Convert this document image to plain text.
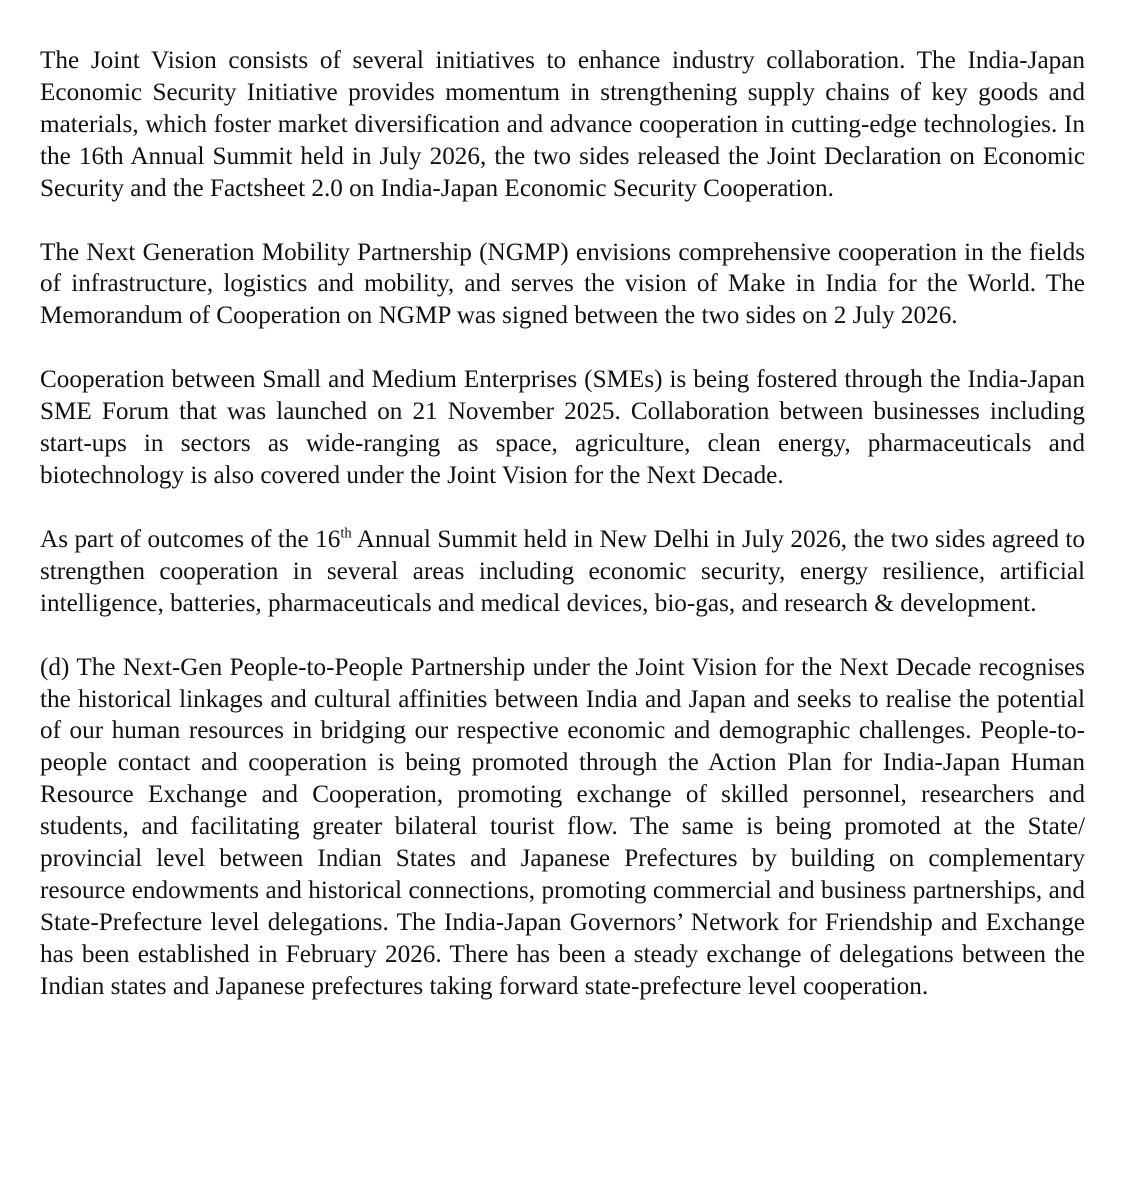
The Joint Vision consists of several initiatives to enhance industry collaboration. The India-Japan Economic Security Initiative provides momentum in strengthening supply chains of key goods and materials, which foster market diversification and advance cooperation in cutting-edge technologies. In the 16th Annual Summit held in July 2026, the two sides released the Joint Declaration on Economic Security and the Factsheet 2.0 on India-Japan Economic Security Cooperation.

The Next Generation Mobility Partnership (NGMP) envisions comprehensive cooperation in the fields of infrastructure, logistics and mobility, and serves the vision of Make in India for the World. The Memorandum of Cooperation on NGMP was signed between the two sides on 2 July 2026.

Cooperation between Small and Medium Enterprises (SMEs) is being fostered through the India-Japan SME Forum that was launched on 21 November 2025. Collaboration between businesses including start-ups in sectors as wide-ranging as space, agriculture, clean energy, pharmaceuticals and biotechnology is also covered under the Joint Vision for the Next Decade.

As part of outcomes of the 16th Annual Summit held in New Delhi in July 2026, the two sides agreed to strengthen cooperation in several areas including economic security, energy resilience, artificial intelligence, batteries, pharmaceuticals and medical devices, bio-gas, and research & development.

(d) The Next-Gen People-to-People Partnership under the Joint Vision for the Next Decade recognises the historical linkages and cultural affinities between India and Japan and seeks to realise the potential of our human resources in bridging our respective economic and demographic challenges. People-to-people contact and cooperation is being promoted through the Action Plan for India-Japan Human Resource Exchange and Cooperation, promoting exchange of skilled personnel, researchers and students, and facilitating greater bilateral tourist flow. The same is being promoted at the State/ provincial level between Indian States and Japanese Prefectures by building on complementary resource endowments and historical connections, promoting commercial and business partnerships, and State-Prefecture level delegations. The India-Japan Governors’ Network for Friendship and Exchange has been established in February 2026. There has been a steady exchange of delegations between the Indian states and Japanese prefectures taking forward state-prefecture level cooperation.
